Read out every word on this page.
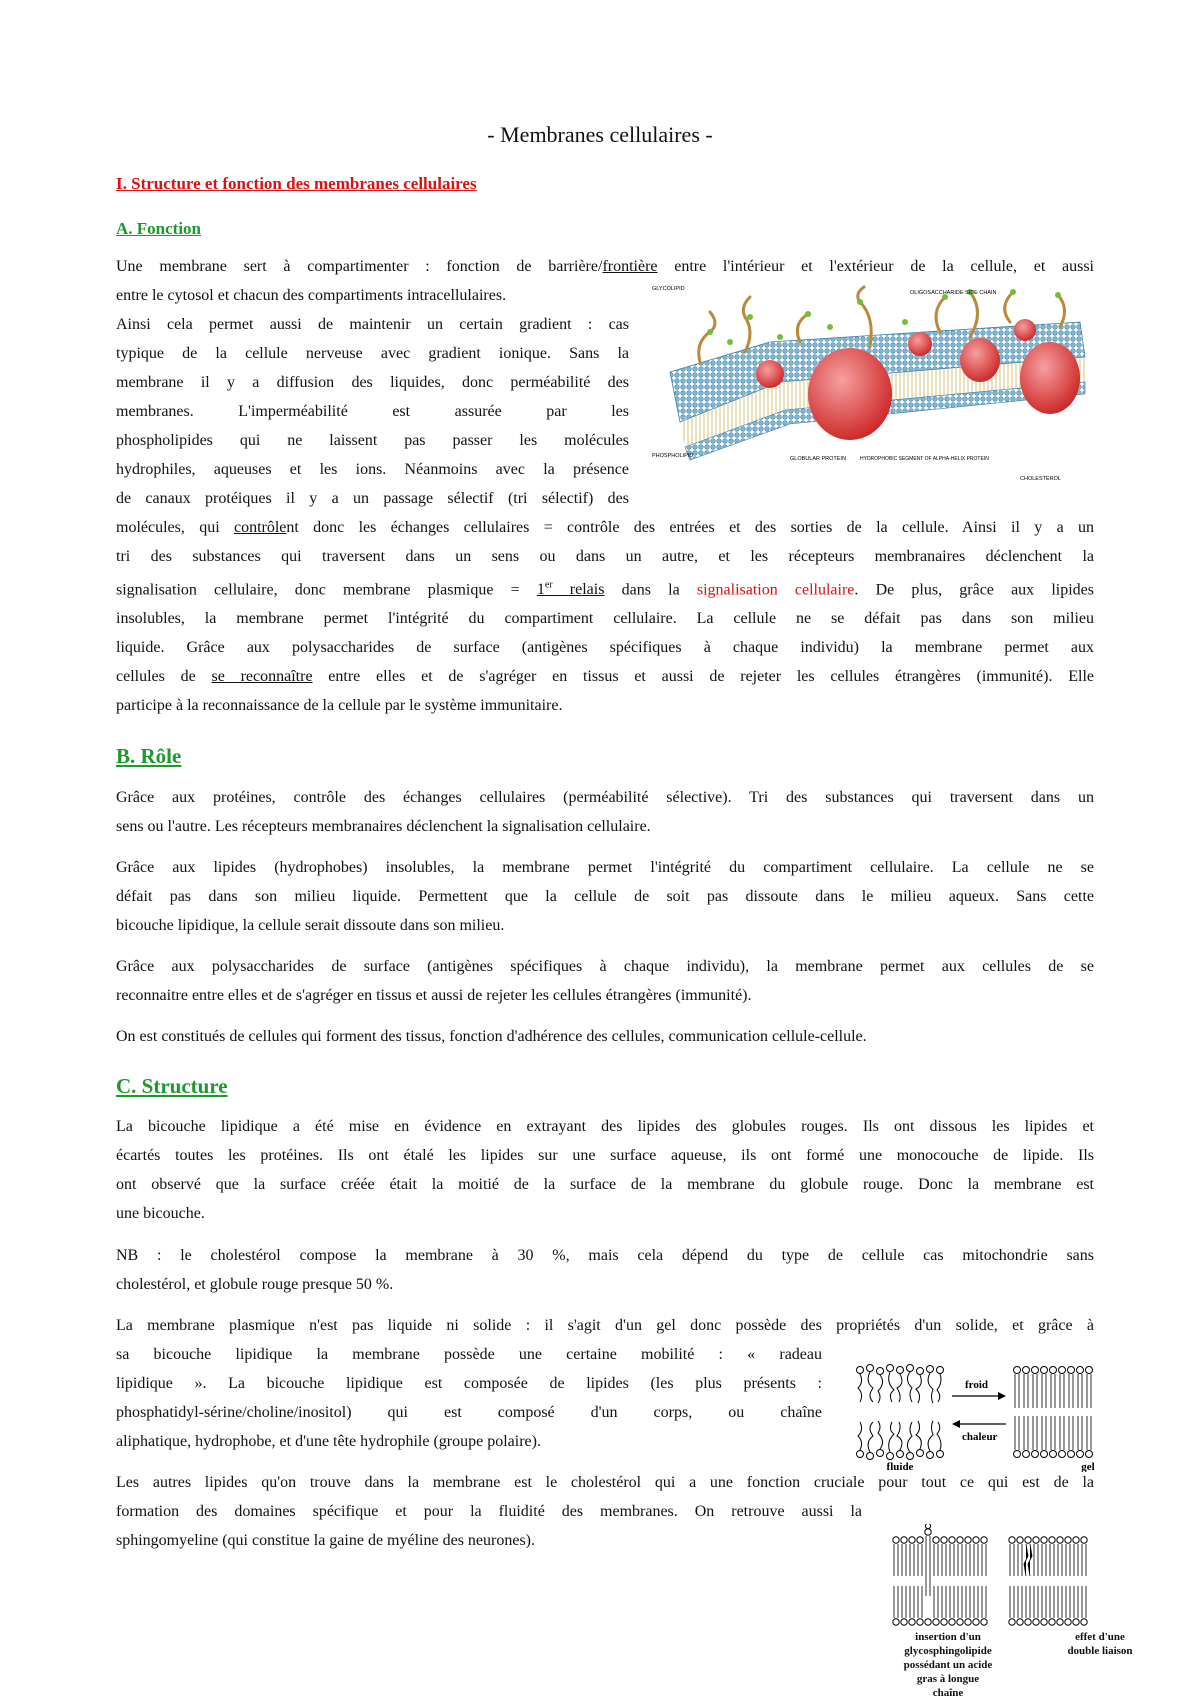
- Membranes cellulaires -
I. Structure et fonction des membranes cellulaires
A. Fonction
Une membrane sert à compartimenter : fonction de barrière/frontière entre l'intérieur et l'extérieur de la cellule, et aussi
entre le cytosol et chacun des compartiments intracellulaires.
Ainsi cela permet aussi de maintenir un certain gradient : cas
typique de la cellule nerveuse avec gradient ionique. Sans la
membrane il y a diffusion des liquides, donc perméabilité des
membranes. L'imperméabilité est assurée par les
phospholipides qui ne laissent pas passer les molécules
hydrophiles, aqueuses et les ions. Néanmoins avec la présence
de canaux protéiques il y a un passage sélectif (tri sélectif) des
molécules, qui contrôlent donc les échanges cellulaires = contrôle des entrées et des sorties de la cellule. Ainsi il y a un
tri des substances qui traversent dans un sens ou dans un autre, et les récepteurs membranaires déclenchent la
signalisation cellulaire, donc membrane plasmique = 1er relais dans la signalisation cellulaire. De plus, grâce aux lipides
insolubles, la membrane permet l'intégrité du compartiment cellulaire. La cellule ne se défait pas dans son milieu
liquide. Grâce aux polysaccharides de surface (antigènes spécifiques à chaque individu) la membrane permet aux
cellules de se reconnaître entre elles et de s'agréger en tissus et aussi de rejeter les cellules étrangères (immunité). Elle
participe à la reconnaissance de la cellule par le système immunitaire.
GLYCOLIPID
OLIGOSACCHARIDE SIDE CHAIN
PHOSPHOLIPID	GLOBULAR PROTEIN	HYDROPHOBIC SEGMENT OF ALPHA-HELIX PROTEIN
CHOLESTEROL
B. Rôle
Grâce aux protéines, contrôle des échanges cellulaires (perméabilité sélective). Tri des substances qui traversent dans un
sens ou l'autre. Les récepteurs membranaires déclenchent la signalisation cellulaire.
Grâce aux lipides (hydrophobes) insolubles, la membrane permet l'intégrité du compartiment cellulaire. La cellule ne se
défait pas dans son milieu liquide. Permettent que la cellule de soit pas dissoute dans le milieu aqueux. Sans cette
bicouche lipidique, la cellule serait dissoute dans son milieu.
Grâce aux polysaccharides de surface (antigènes spécifiques à chaque individu), la membrane permet aux cellules de se
reconnaitre entre elles et de s'agréger en tissus et aussi de rejeter les cellules étrangères (immunité).
On est constitués de cellules qui forment des tissus, fonction d'adhérence des cellules, communication cellule-cellule.
C. Structure
La bicouche lipidique a été mise en évidence en extrayant des lipides des globules rouges. Ils ont dissous les lipides et
écartés toutes les protéines. Ils ont étalé les lipides sur une surface aqueuse, ils ont formé une monocouche de lipide. Ils
ont observé que la surface créée était la moitié de la surface de la membrane du globule rouge. Donc la membrane est
une bicouche.
NB : le cholestérol compose la membrane à 30 %, mais cela dépend du type de cellule cas mitochondrie sans
cholestérol, et globule rouge presque 50 %.
La membrane plasmique n'est pas liquide ni solide : il s'agit d'un gel donc possède des propriétés d'un solide, et grâce à
sa bicouche lipidique la membrane possède une certaine mobilité : « radeau
lipidique ». La bicouche lipidique est composée de lipides (les plus présents :
phosphatidyl-sérine/choline/inositol) qui est composé d'un corps, ou chaîne
aliphatique, hydrophobe, et d'une tête hydrophile (groupe polaire).
Les autres lipides qu'on trouve dans la membrane est le cholestérol qui a une fonction cruciale pour tout ce qui est de la
formation des domaines spécifique et pour la fluidité des membranes. On retrouve aussi la
sphingomyeline (qui constitue la gaine de myéline des neurones).
froid
chaleur
fluide	gel
insertion d'un
glycosphingolipide
possédant un acide
gras à longue
chaîne
effet d'une
double liaison
